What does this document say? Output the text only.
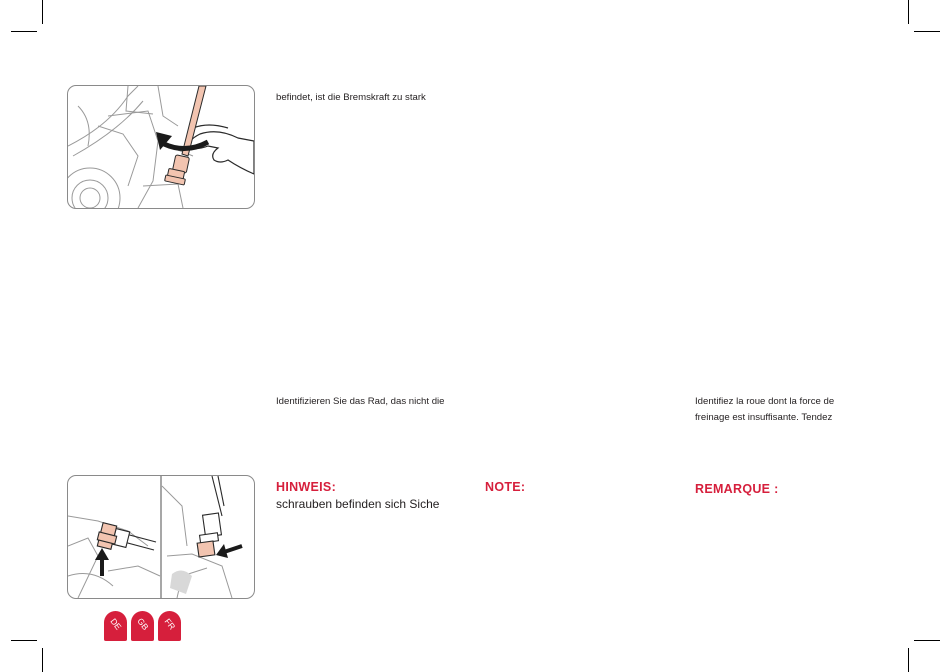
befindet, ist die Bremskraft zu stark
Identifizieren Sie das Rad, das nicht die	Identifiez la roue dont la force de
freinage est insuffisante. Tendez
HINWEIS:
schrauben befinden sich Siche
NOTE:	REMARQUE :
DE GB FR
